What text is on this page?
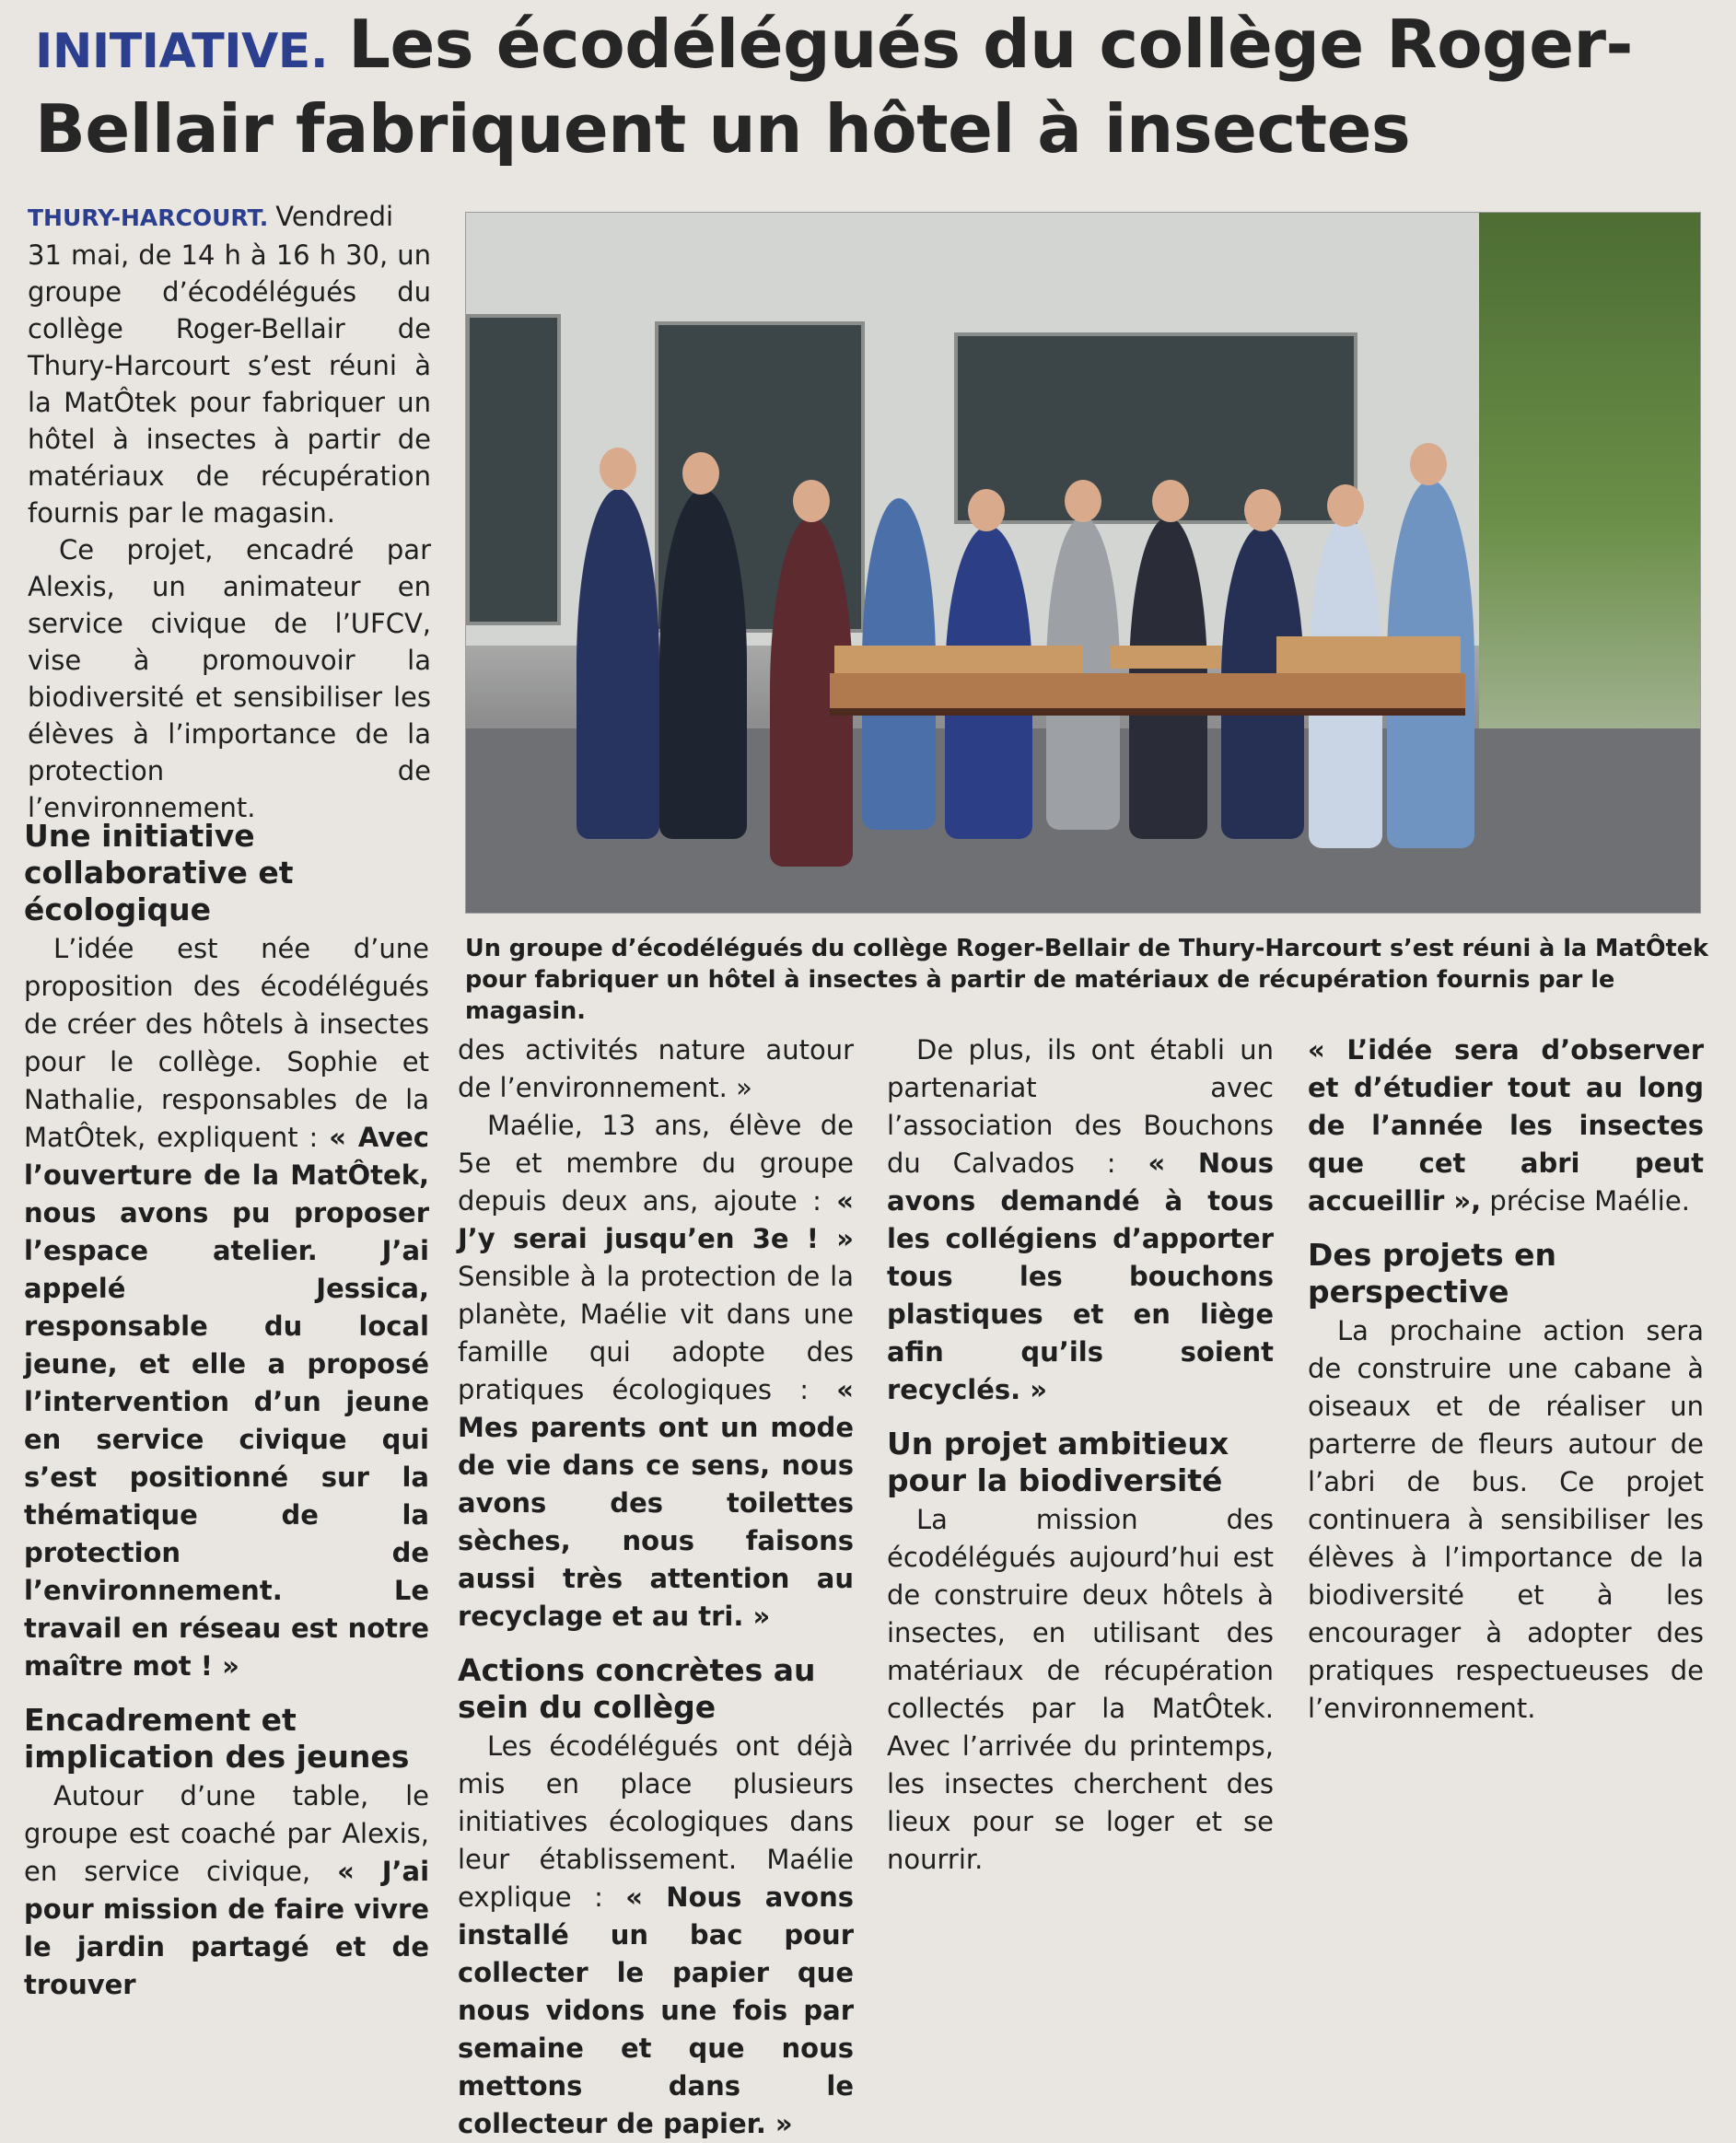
INITIATIVE. Les écodélégués du collège Roger-Bellair fabriquent un hôtel à insectes

THURY-HARCOURT. Vendredi 31 mai, de 14 h à 16 h 30, un groupe d’écodélégués du collège Roger-Bellair de Thury-Harcourt s’est réuni à la MatÔtek pour fabriquer un hôtel à insectes à partir de matériaux de récupération fournis par le magasin.

Ce projet, encadré par Alexis, un animateur en service civique de l’UFCV, vise à promouvoir la biodiversité et sensibiliser les élèves à l’importance de la protection de l’environnement.

Un groupe d’écodélégués du collège Roger-Bellair de Thury-Harcourt s’est réuni à la MatÔtek pour fabriquer un hôtel à insectes à partir de matériaux de récupération fournis par le magasin.

Une initiative collaborative et écologique

L’idée est née d’une proposition des écodélégués de créer des hôtels à insectes pour le collège. Sophie et Nathalie, responsables de la MatÔtek, expliquent : « Avec l’ouverture de la MatÔtek, nous avons pu proposer l’espace atelier. J’ai appelé Jessica, responsable du local jeune, et elle a proposé l’intervention d’un jeune en service civique qui s’est positionné sur la thématique de la protection de l’environnement. Le travail en réseau est notre maître mot ! »

Encadrement et implication des jeunes

Autour d’une table, le groupe est coaché par Alexis, en service civique, « J’ai pour mission de faire vivre le jardin partagé et de trouver

des activités nature autour de l’environnement. »

Maélie, 13 ans, élève de 5e et membre du groupe depuis deux ans, ajoute : « J’y serai jusqu’en 3e ! » Sensible à la protection de la planète, Maélie vit dans une famille qui adopte des pratiques écologiques : « Mes parents ont un mode de vie dans ce sens, nous avons des toilettes sèches, nous faisons aussi très attention au recyclage et au tri. »

Actions concrètes au sein du collège

Les écodélégués ont déjà mis en place plusieurs initiatives écologiques dans leur établissement. Maélie explique : « Nous avons installé un bac pour collecter le papier que nous vidons une fois par semaine et que nous mettons dans le collecteur de papier. »

De plus, ils ont établi un partenariat avec l’association des Bouchons du Calvados : « Nous avons demandé à tous les collégiens d’apporter tous les bouchons plastiques et en liège afin qu’ils soient recyclés. »

Un projet ambitieux pour la biodiversité

La mission des écodélégués aujourd’hui est de construire deux hôtels à insectes, en utilisant des matériaux de récupération collectés par la MatÔtek. Avec l’arrivée du printemps, les insectes cherchent des lieux pour se loger et se nourrir.

« L’idée sera d’observer et d’étudier tout au long de l’année les insectes que cet abri peut accueillir », précise Maélie.

Des projets en perspective

La prochaine action sera de construire une cabane à oiseaux et de réaliser un parterre de fleurs autour de l’abri de bus. Ce projet continuera à sensibiliser les élèves à l’importance de la biodiversité et à les encourager à adopter des pratiques respectueuses de l’environnement.
